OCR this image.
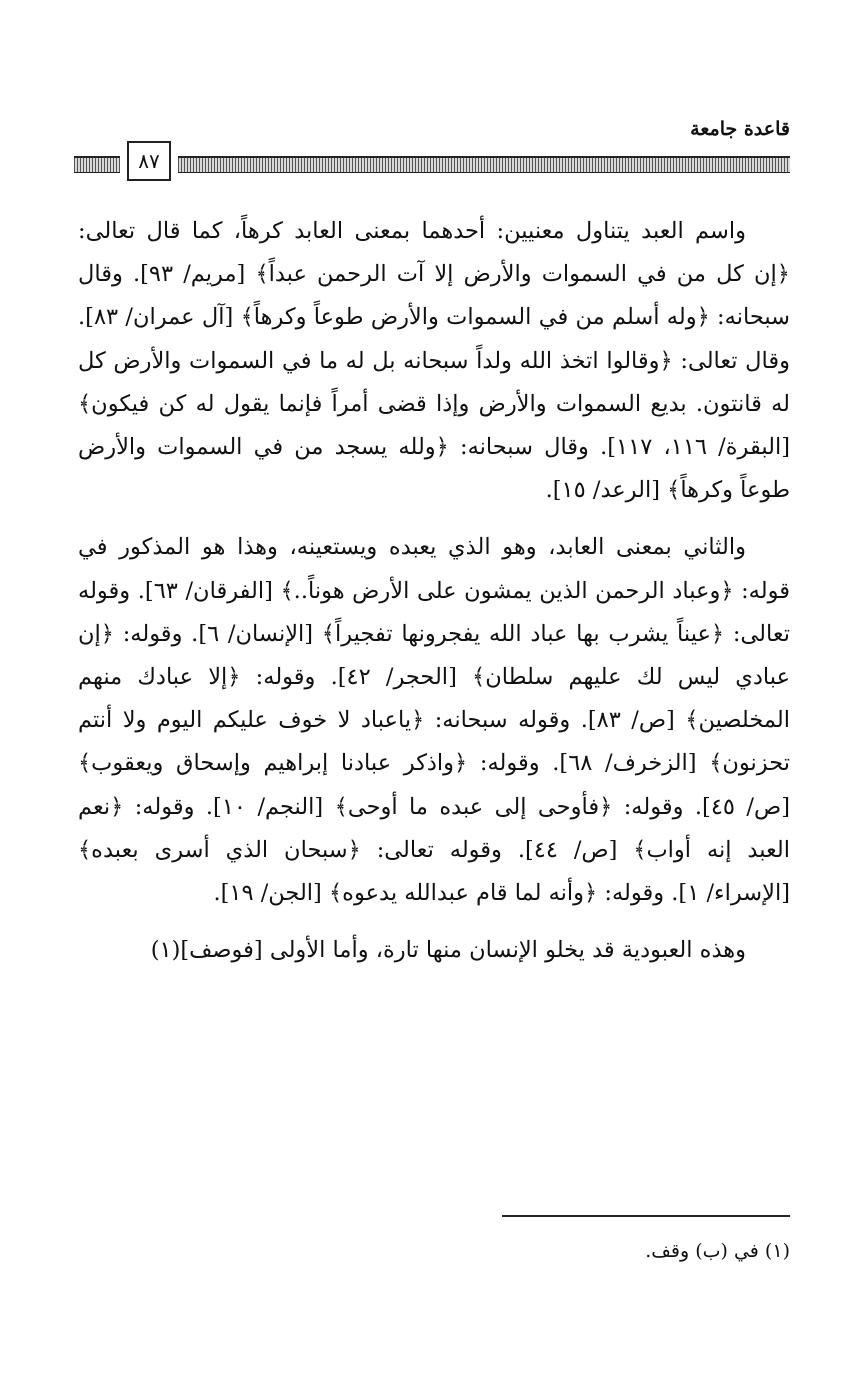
قاعدة جامعة
٨٧

واسم العبد يتناول معنيين: أحدهما بمعنى العابد كرهاً، كما قال تعالى: ﴿إن كل من في السموات والأرض إلا آت الرحمن عبداً﴾ [مريم/ ٩٣]. وقال سبحانه: ﴿وله أسلم من في السموات والأرض طوعاً وكرهاً﴾ [آل عمران/ ٨٣]. وقال تعالى: ﴿وقالوا اتخذ الله ولداً سبحانه بل له ما في السموات والأرض كل له قانتون. بديع السموات والأرض وإذا قضى أمراً فإنما يقول له كن فيكون﴾ [البقرة/ ١١٦، ١١٧]. وقال سبحانه: ﴿ولله يسجد من في السموات والأرض طوعاً وكرهاً﴾ [الرعد/ ١٥].

والثاني بمعنى العابد، وهو الذي يعبده ويستعينه، وهذا هو المذكور في قوله: ﴿وعباد الرحمن الذين يمشون على الأرض هوناً..﴾ [الفرقان/ ٦٣]. وقوله تعالى: ﴿عيناً يشرب بها عباد الله يفجرونها تفجيراً﴾ [الإنسان/ ٦]. وقوله: ﴿إن عبادي ليس لك عليهم سلطان﴾ [الحجر/ ٤٢]. وقوله: ﴿إلا عبادك منهم المخلصين﴾ [ص/ ٨٣]. وقوله سبحانه: ﴿ياعباد لا خوف عليكم اليوم ولا أنتم تحزنون﴾ [الزخرف/ ٦٨]. وقوله: ﴿واذكر عبادنا إبراهيم وإسحاق ويعقوب﴾ [ص/ ٤٥]. وقوله: ﴿فأوحى إلى عبده ما أوحى﴾ [النجم/ ١٠]. وقوله: ﴿نعم العبد إنه أواب﴾ [ص/ ٤٤]. وقوله تعالى: ﴿سبحان الذي أسرى بعبده﴾ [الإسراء/ ١]. وقوله: ﴿وأنه لما قام عبدالله يدعوه﴾ [الجن/ ١٩].

وهذه العبودية قد يخلو الإنسان منها تارة، وأما الأولى [فوصف](١)

(١) في (ب) وقف.
